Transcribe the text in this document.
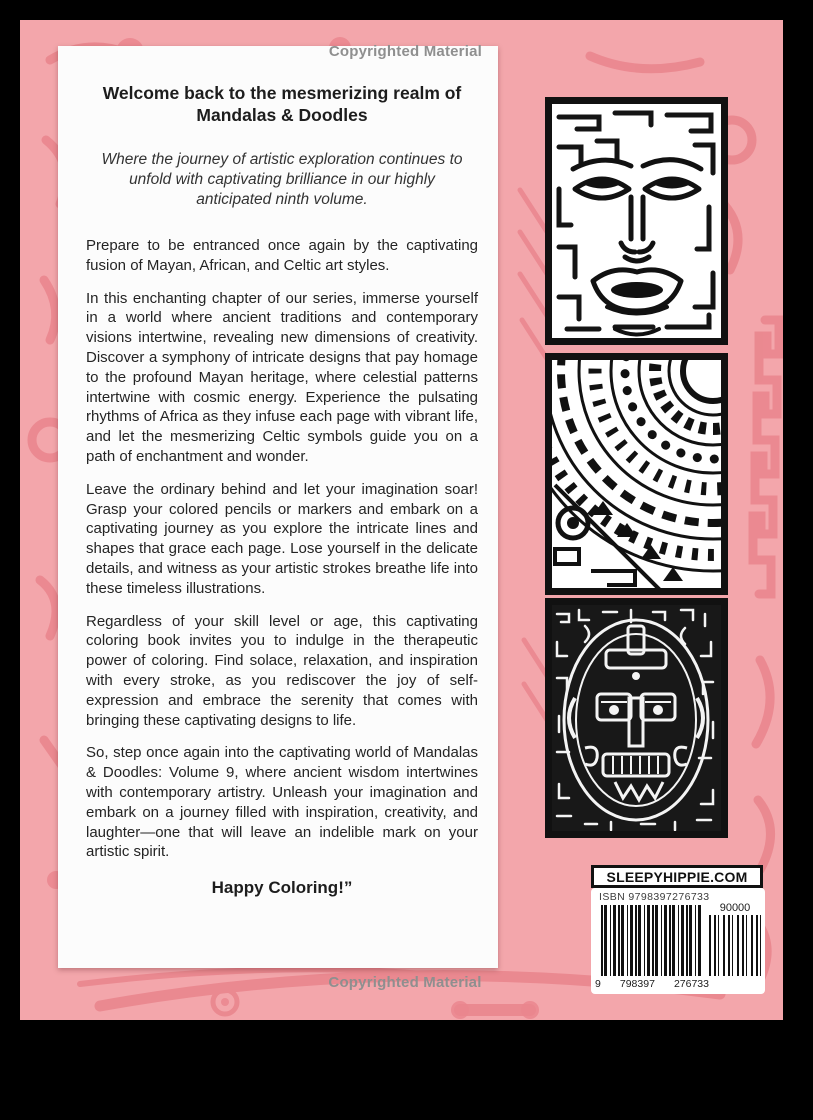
Copyrighted Material
Welcome back to the mesmerizing realm of Mandalas & Doodles

Where the journey of artistic exploration continues to unfold with captivating brilliance in our highly anticipated ninth volume.

Prepare to be entranced once again by the captivating fusion of Mayan, African, and Celtic art styles.

In this enchanting chapter of our series, immerse yourself in a world where ancient traditions and contemporary visions intertwine, revealing new dimensions of creativity. Discover a symphony of intricate designs that pay homage to the profound Mayan heritage, where celestial patterns intertwine with cosmic energy. Experience the pulsating rhythms of Africa as they infuse each page with vibrant life, and let the mesmerizing Celtic symbols guide you on a path of enchantment and wonder.

Leave the ordinary behind and let your imagination soar! Grasp your colored pencils or markers and embark on a captivating journey as you explore the intricate lines and shapes that grace each page. Lose yourself in the delicate details, and witness as your artistic strokes breathe life into these timeless illustrations.

Regardless of your skill level or age, this captivating coloring book invites you to indulge in the therapeutic power of coloring. Find solace, relaxation, and inspiration with every stroke, as you rediscover the joy of self-expression and embrace the serenity that comes with bringing these captivating designs to life.

So, step once again into the captivating world of Mandalas & Doodles: Volume 9, where ancient wisdom intertwines with contemporary artistry. Unleash your imagination and embark on a journey filled with inspiration, creativity, and laughter—one that will leave an indelible mark on your artistic spirit.

Happy Coloring!”
SLEEPYHIPPIE.COM
ISBN 9798397276733
9 798397 276733
90000
Copyrighted Material
